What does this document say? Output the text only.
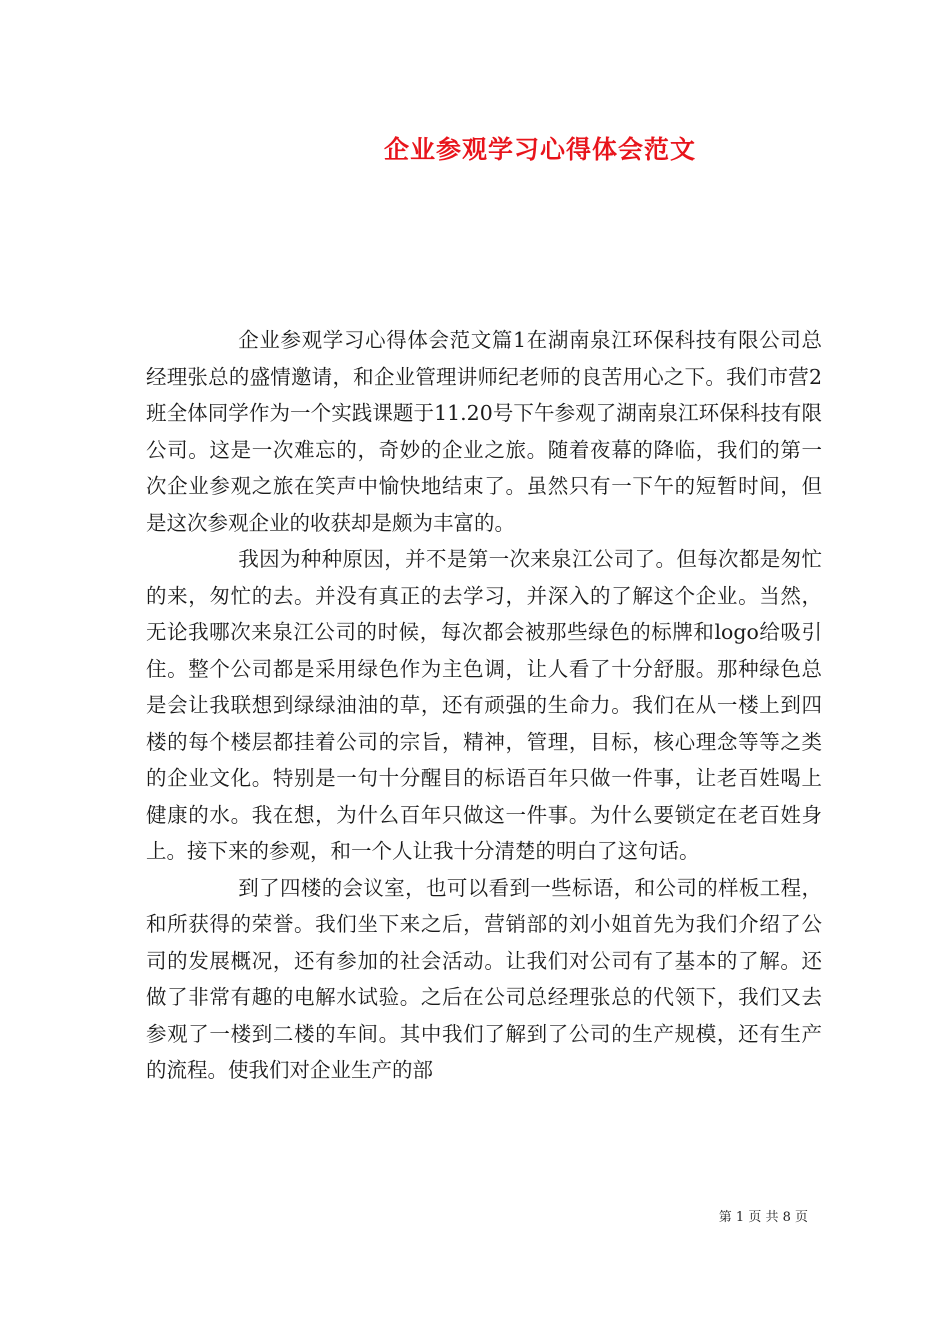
企业参观学习心得体会范文

企业参观学习心得体会范文篇1在湖南泉江环保科技有限公司总经理张总的盛情邀请，和企业管理讲师纪老师的良苦用心之下。我们市营2班全体同学作为一个实践课题于11.20号下午参观了湖南泉江环保科技有限公司。这是一次难忘的，奇妙的企业之旅。随着夜幕的降临，我们的第一次企业参观之旅在笑声中愉快地结束了。虽然只有一下午的短暂时间，但是这次参观企业的收获却是颇为丰富的。

我因为种种原因，并不是第一次来泉江公司了。但每次都是匆忙的来，匆忙的去。并没有真正的去学习，并深入的了解这个企业。当然，无论我哪次来泉江公司的时候，每次都会被那些绿色的标牌和logo给吸引住。整个公司都是采用绿色作为主色调，让人看了十分舒服。那种绿色总是会让我联想到绿绿油油的草，还有顽强的生命力。我们在从一楼上到四楼的每个楼层都挂着公司的宗旨，精神，管理，目标，核心理念等等之类的企业文化。特别是一句十分醒目的标语百年只做一件事，让老百姓喝上健康的水。我在想，为什么百年只做这一件事。为什么要锁定在老百姓身上。接下来的参观，和一个人让我十分清楚的明白了这句话。

到了四楼的会议室，也可以看到一些标语，和公司的样板工程，和所获得的荣誉。我们坐下来之后，营销部的刘小姐首先为我们介绍了公司的发展概况，还有参加的社会活动。让我们对公司有了基本的了解。还做了非常有趣的电解水试验。之后在公司总经理张总的代领下，我们又去参观了一楼到二楼的车间。其中我们了解到了公司的生产规模，还有生产的流程。使我们对企业生产的部

第 1 页 共 8 页
